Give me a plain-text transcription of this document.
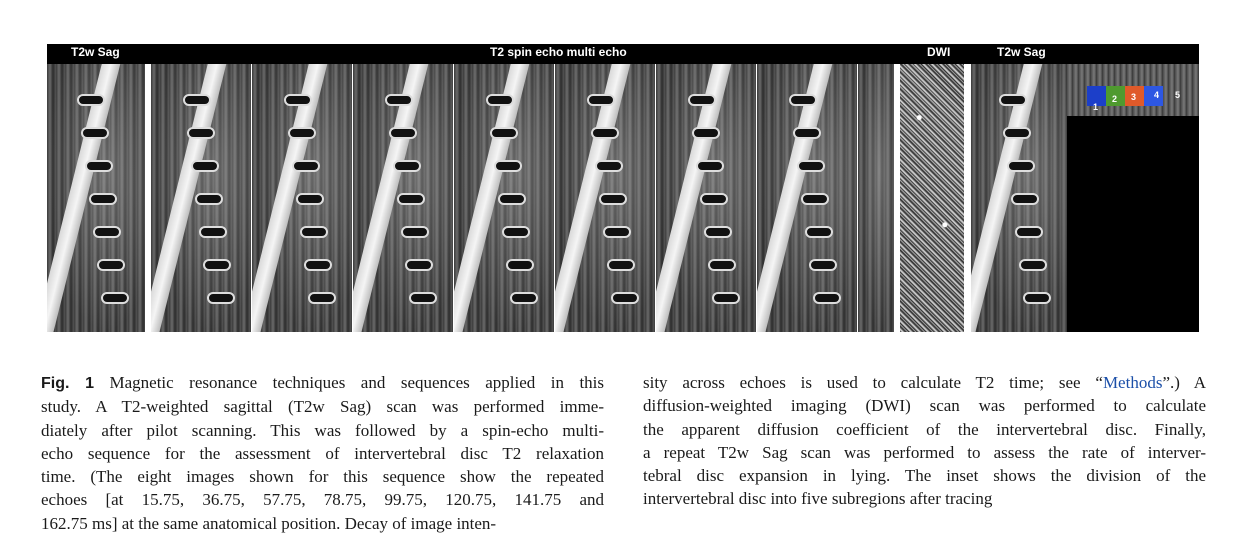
T2w Sag	T2 spin echo multi echo	DWI	T2w Sag
1
2 3 4 5
Fig. 1 Magnetic resonance techniques and sequences applied in this
study. A T2-weighted sagittal (T2w Sag) scan was performed imme-
diately after pilot scanning. This was followed by a spin-echo multi-
echo sequence for the assessment of intervertebral disc T2 relaxation
time. (The eight images shown for this sequence show the repeated
echoes [at 15.75, 36.75, 57.75, 78.75, 99.75, 120.75, 141.75 and
162.75 ms] at the same anatomical position. Decay of image inten-
sity across echoes is used to calculate T2 time; see “Methods”.) A
diffusion-weighted imaging (DWI) scan was performed to calculate
the apparent diffusion coefficient of the intervertebral disc. Finally,
a repeat T2w Sag scan was performed to assess the rate of interver-
tebral disc expansion in lying. The inset shows the division of the
intervertebral disc into five subregions after tracing
